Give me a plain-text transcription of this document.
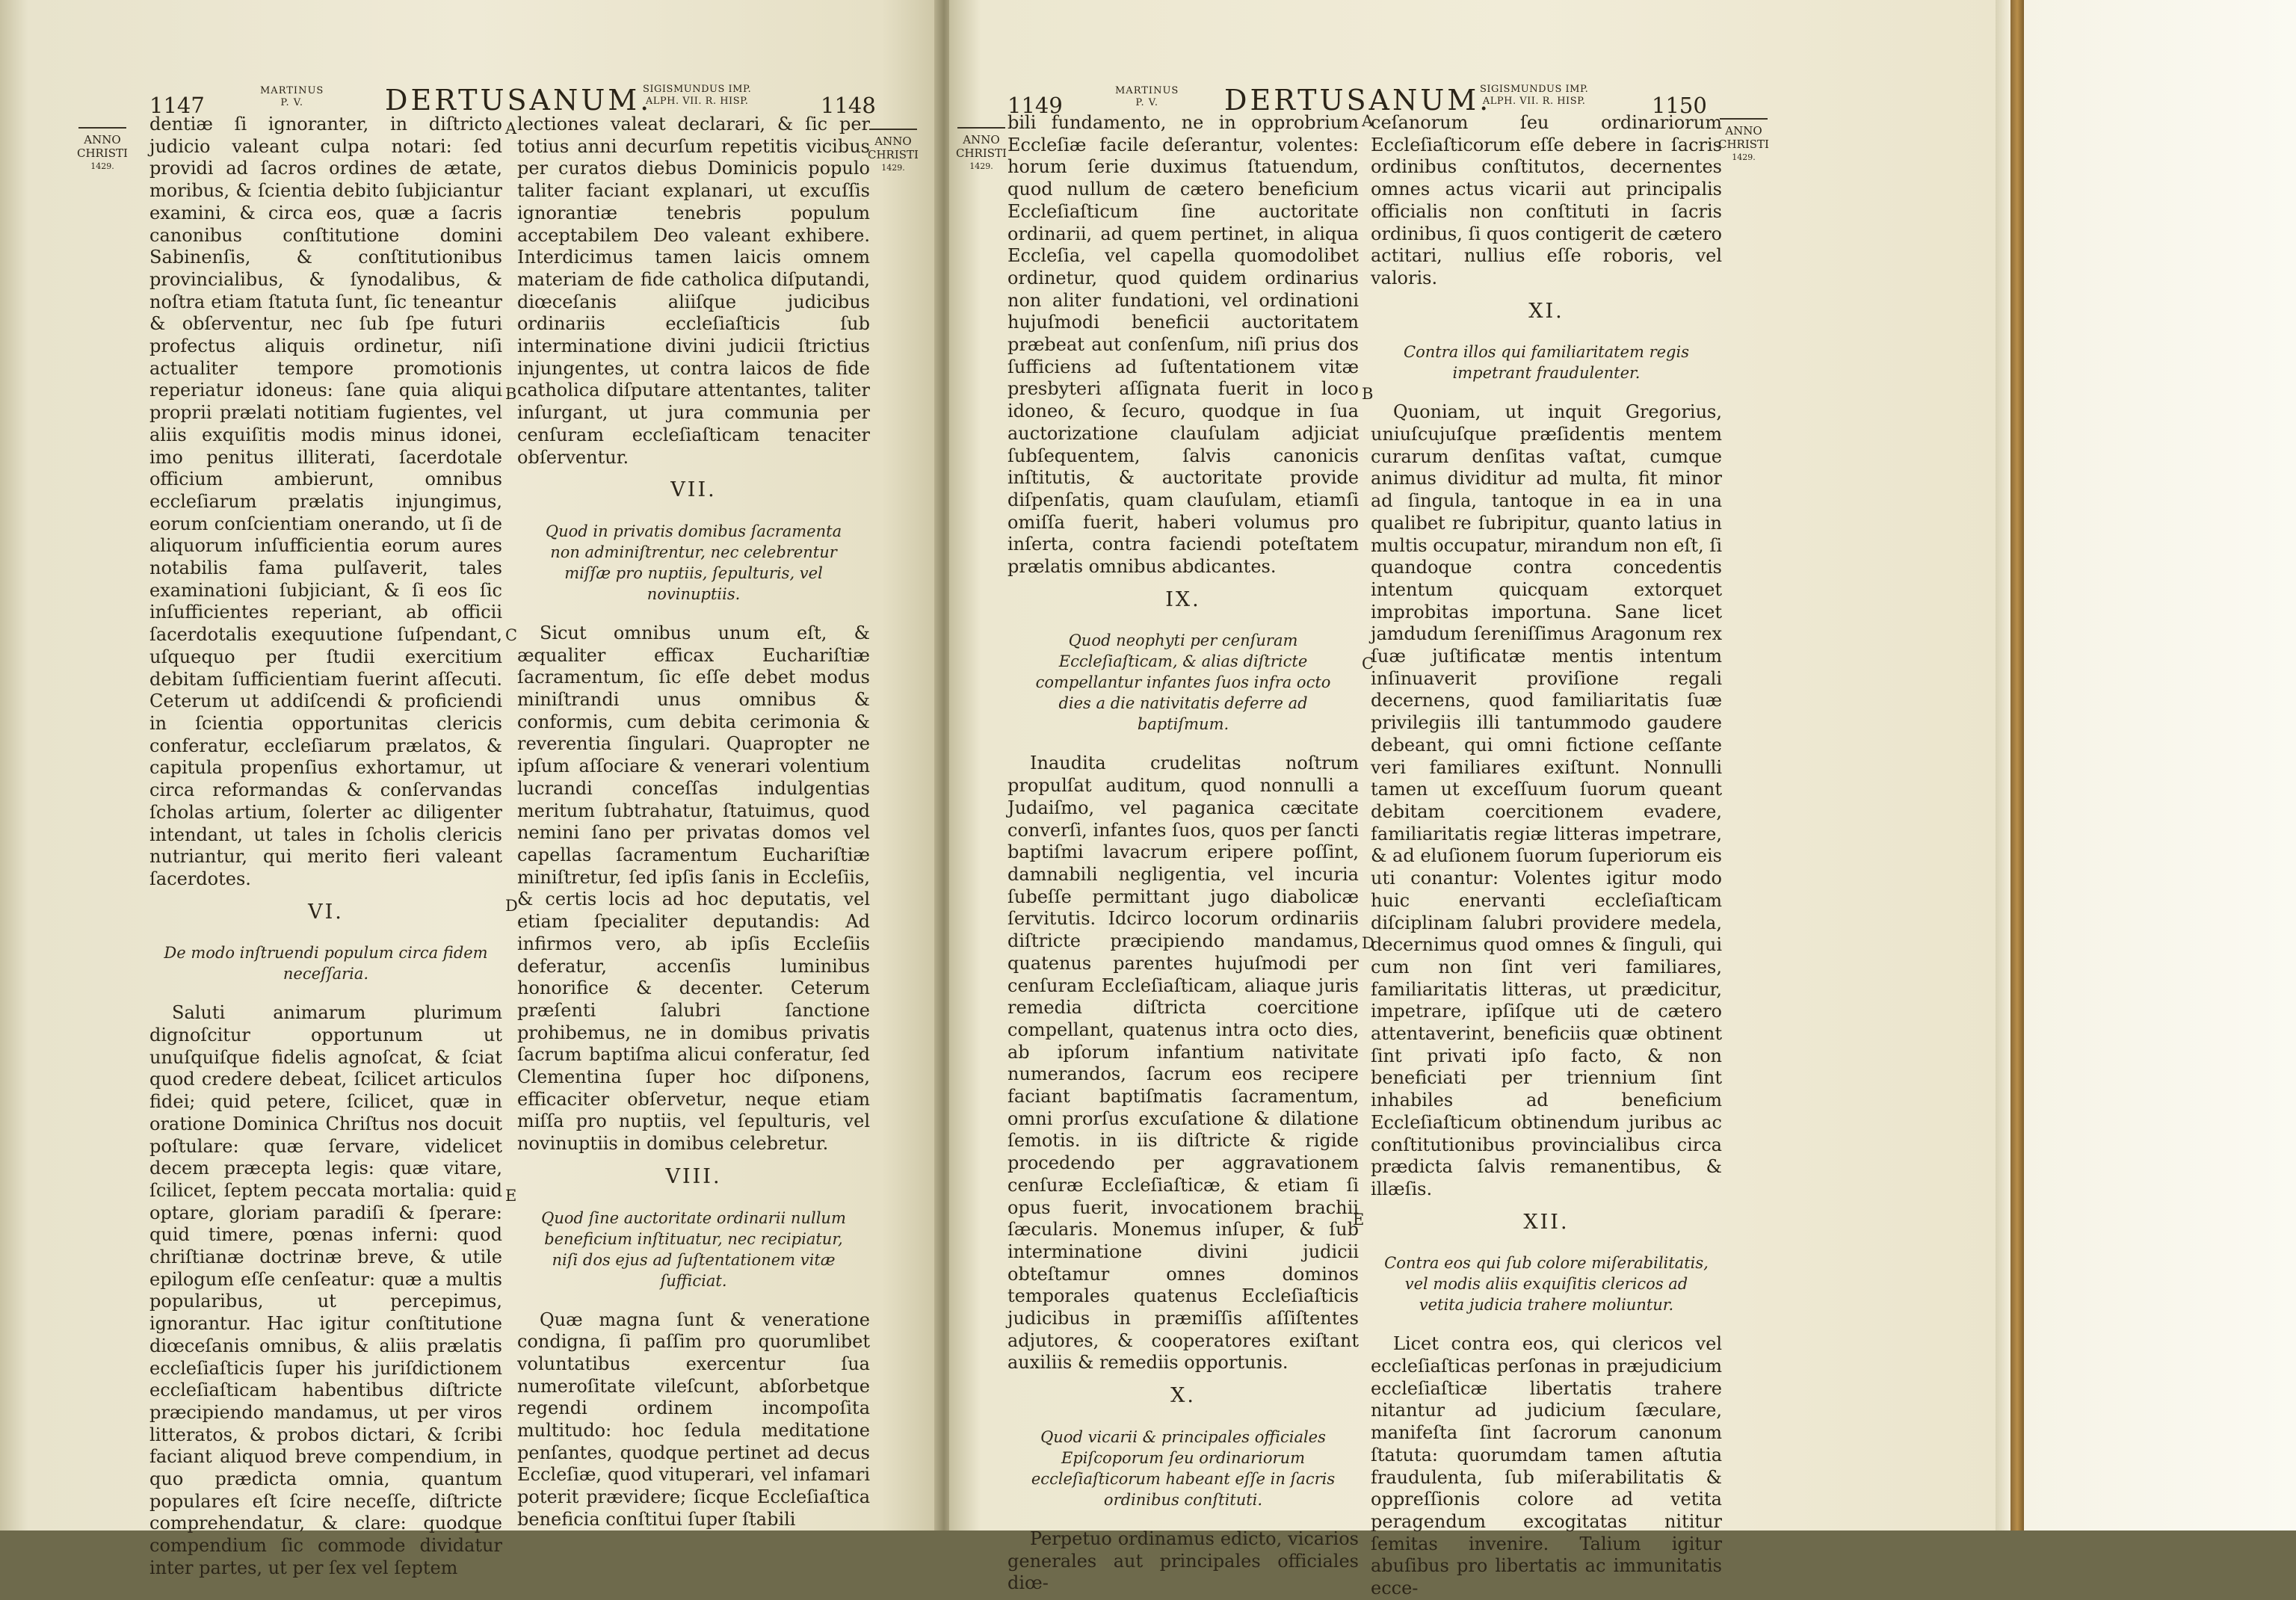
1147
MARTINUS
P. V.	DERTUSANUM.
SIGISMUNDUS IMP.
ALPH. VII. R. HISP.	1148
ANNO
CHRISTI
1429.
ANNO
CHRISTI
1429.

dentiæ ſi ignoranter, in diſtricto judicio valeant culpa notari: ſed providi ad ſacros ordines de ætate, moribus, & ſcientia debito ſubjiciantur examini, & circa eos, quæ a ſacris canonibus conſtitutione domini Sabinenſis, & conſtitutionibus provincialibus, & ſynodalibus, & noſtra etiam ſtatuta ſunt, ſic teneantur & obſerventur, nec ſub ſpe futuri profectus aliquis ordinetur, niſi actualiter tempore promotionis reperiatur idoneus: ſane quia aliqui proprii prælati notitiam fugientes, vel aliis exquiſitis modis minus idonei, imo penitus illiterati, ſacerdotale officium ambierunt, omnibus eccleſiarum prælatis injungimus, eorum conſcientiam onerando, ut ſi de aliquorum inſufficientia eorum aures notabilis fama pulſaverit, tales examinationi ſubjiciant, & ſi eos ſic inſufficientes reperiant, ab officii ſacerdotalis exequutione ſuſpendant, uſquequo per ſtudii exercitium debitam ſufficientiam fuerint aſſecuti. Ceterum ut addiſcendi & proficiendi in ſcientia opportunitas clericis conferatur, eccleſiarum prælatos, & capitula propenſius exhortamur, ut circa reformandas & conſervandas ſcholas artium, ſolerter ac diligenter intendant, ut tales in ſcholis clericis nutriantur, qui merito fieri valeant ſacerdotes.

VI.
De modo inſtruendi populum circa fidem neceſſaria.

Saluti animarum plurimum dignoſcitur opportunum ut unuſquiſque fidelis agnoſcat, & ſciat quod credere debeat, ſcilicet articulos fidei; quid petere, ſcilicet, quæ in oratione Dominica Chriſtus nos docuit poſtulare: quæ ſervare, videlicet decem præcepta legis: quæ vitare, ſcilicet, ſeptem peccata mortalia: quid optare, gloriam paradiſi & ſperare: quid timere, pœnas inferni: quod chriſtianæ doctrinæ breve, & utile epilogum eſſe cenſeatur: quæ a multis popularibus, ut percepimus, ignorantur. Hac igitur conſtitutione diœceſanis omnibus, & aliis prælatis eccleſiaſticis ſuper his juriſdictionem eccleſiaſticam habentibus diſtricte præcipiendo mandamus, ut per viros litteratos, & probos dictari, & ſcribi faciant aliquod breve compendium, in quo prædicta omnia, quantum populares eſt ſcire neceſſe, diſtricte comprehendatur, & clare: quodque compendium ſic commode dividatur inter partes, ut per ſex vel ſeptem

lectiones valeat declarari, & ſic per totius anni decurſum repetitis vicibus per curatos diebus Dominicis populo taliter faciant explanari, ut excuſſis ignorantiæ tenebris populum acceptabilem Deo valeant exhibere. Interdicimus tamen laicis omnem materiam de fide catholica diſputandi, diœceſanis aliiſque judicibus ordinariis eccleſiaſticis ſub interminatione divini judicii ſtrictius injungentes, ut contra laicos de fide catholica diſputare attentantes, taliter inſurgant, ut jura communia per cenſuram eccleſiaſticam tenaciter obſerventur.

VII.
Quod in privatis domibus ſacramenta non adminiſtrentur, nec celebrentur miſſæ pro nuptiis, ſepulturis, vel novinuptiis.

Sicut omnibus unum eſt, & æqualiter efficax Euchariſtiæ ſacramentum, ſic eſſe debet modus miniſtrandi unus omnibus & conformis, cum debita cerimonia & reverentia ſingulari. Quapropter ne ipſum aſſociare & venerari volentium lucrandi conceſſas indulgentias meritum ſubtrahatur, ſtatuimus, quod nemini ſano per privatas domos vel capellas ſacramentum Euchariſtiæ miniſtretur, ſed ipſis ſanis in Eccleſiis, & certis locis ad hoc deputatis, vel etiam ſpecialiter deputandis: Ad infirmos vero, ab ipſis Eccleſiis deferatur, accenſis luminibus honorifice & decenter. Ceterum præſenti ſalubri ſanctione prohibemus, ne in domibus privatis ſacrum baptiſma alicui conferatur, ſed Clementina ſuper hoc diſponens, efficaciter obſervetur, neque etiam miſſa pro nuptiis, vel ſepulturis, vel novinuptiis in domibus celebretur.

VIII.
Quod ſine auctoritate ordinarii nullum beneficium inſtituatur, nec recipiatur, niſi dos ejus ad ſuſtentationem vitæ ſufficiat.

Quæ magna ſunt & veneratione condigna, ſi paſſim pro quorumlibet voluntatibus exercentur ſua numeroſitate vileſcunt, abſorbetque regendi ordinem incompoſita multitudo: hoc ſedula meditatione penſantes, quodque pertinet ad decus Eccleſiæ, quod vituperari, vel infamari poterit prævidere; ſicque Eccleſiaſtica beneficia conſtitui ſuper ſtabili

A
B
C
D
E
1149
MARTINUS
P. V.	DERTUSANUM.
SIGISMUNDUS IMP.
ALPH. VII. R. HISP.	1150
ANNO
CHRISTI
1429.
ANNO
CHRISTI
1429.

bili fundamento, ne in opprobrium Eccleſiæ facile deſerantur, volentes: horum ſerie duximus ſtatuendum, quod nullum de cætero beneficium Eccleſiaſticum ſine auctoritate ordinarii, ad quem pertinet, in aliqua Eccleſia, vel capella quomodolibet ordinetur, quod quidem ordinarius non aliter fundationi, vel ordinationi hujuſmodi beneficii auctoritatem præbeat aut conſenſum, niſi prius dos ſufficiens ad ſuſtentationem vitæ presbyteri aſſignata fuerit in loco idoneo, & ſecuro, quodque in ſua auctorizatione clauſulam adjiciat ſubſequentem, ſalvis canonicis inſtitutis, & auctoritate provide diſpenſatis, quam clauſulam, etiamſi omiſſa fuerit, haberi volumus pro inſerta, contra faciendi poteſtatem prælatis omnibus abdicantes.

IX.
Quod neophyti per cenſuram Eccleſiaſticam, & alias diſtricte compellantur infantes ſuos infra octo dies a die nativitatis deferre ad baptiſmum.

Inaudita crudelitas noſtrum propulſat auditum, quod nonnulli a Judaiſmo, vel paganica cæcitate converſi, infantes ſuos, quos per ſancti baptiſmi lavacrum eripere poſſint, damnabili negligentia, vel incuria ſubeſſe permittant jugo diabolicæ ſervitutis. Idcirco locorum ordinariis diſtricte præcipiendo mandamus, quatenus parentes hujuſmodi per cenſuram Eccleſiaſticam, aliaque juris remedia diſtricta coercitione compellant, quatenus intra octo dies, ab ipſorum infantium nativitate numerandos, ſacrum eos recipere faciant baptiſmatis ſacramentum, omni prorſus excuſatione & dilatione ſemotis. in iis diſtricte & rigide procedendo per aggravationem cenſuræ Eccleſiaſticæ, & etiam ſi opus fuerit, invocationem brachii ſæcularis. Monemus inſuper, & ſub interminatione divini judicii obteſtamur omnes dominos temporales quatenus Eccleſiaſticis judicibus in præmiſſis aſſiſtentes adjutores, & cooperatores exiſtant auxiliis & remediis opportunis.

X.
Quod vicarii & principales officiales Epiſcoporum ſeu ordinariorum eccleſiaſticorum habeant eſſe in ſacris ordinibus conſtituti.

Perpetuo ordinamus edicto, vicarios generales aut principales officiales diœ-

ceſanorum ſeu ordinariorum Eccleſiaſticorum eſſe debere in ſacris ordinibus conſtitutos, decernentes omnes actus vicarii aut principalis officialis non conſtituti in ſacris ordinibus, ſi quos contigerit de cætero actitari, nullius eſſe roboris, vel valoris.

XI.
Contra illos qui familiaritatem regis impetrant fraudulenter.

Quoniam, ut inquit Gregorius, uniuſcujuſque præſidentis mentem curarum denſitas vaſtat, cumque animus dividitur ad multa, fit minor ad ſingula, tantoque in ea in una qualibet re ſubripitur, quanto latius in multis occupatur, mirandum non eſt, ſi quandoque contra concedentis intentum quicquam extorquet improbitas importuna. Sane licet jamdudum ſereniſſimus Aragonum rex ſuæ juſtificatæ mentis intentum inſinuaverit proviſione regali decernens, quod familiaritatis ſuæ privilegiis illi tantummodo gaudere debeant, qui omni fictione ceſſante veri familiares exiſtunt. Nonnulli tamen ut exceſſuum ſuorum queant debitam coercitionem evadere, familiaritatis regiæ litteras impetrare, & ad eluſionem ſuorum ſuperiorum eis uti conantur: Volentes igitur modo huic enervanti eccleſiaſticam diſciplinam ſalubri providere medela, decernimus quod omnes & ſinguli, qui cum non ſint veri familiares, familiaritatis litteras, ut prædicitur, impetrare, ipſiſque uti de cætero attentaverint, beneficiis quæ obtinent ſint privati ipſo facto, & non beneficiati per triennium ſint inhabiles ad beneficium Eccleſiaſticum obtinendum juribus ac conſtitutionibus provincialibus circa prædicta ſalvis remanentibus, & illæſis.

XII.
Contra eos qui ſub colore miſerabilitatis, vel modis aliis exquiſitis clericos ad vetita judicia trahere moliuntur.

Licet contra eos, qui clericos vel eccleſiaſticas perſonas in præjudicium eccleſiaſticæ libertatis trahere nitantur ad judicium ſæculare, manifeſta ſint ſacrorum canonum ſtatuta: quorumdam tamen aſtutia fraudulenta, ſub miſerabilitatis & oppreſſionis colore ad vetita peragendum excogitatas nititur ſemitas invenire. Talium igitur abuſibus pro libertatis ac immunitatis ecce-

A
B
C
D
E
